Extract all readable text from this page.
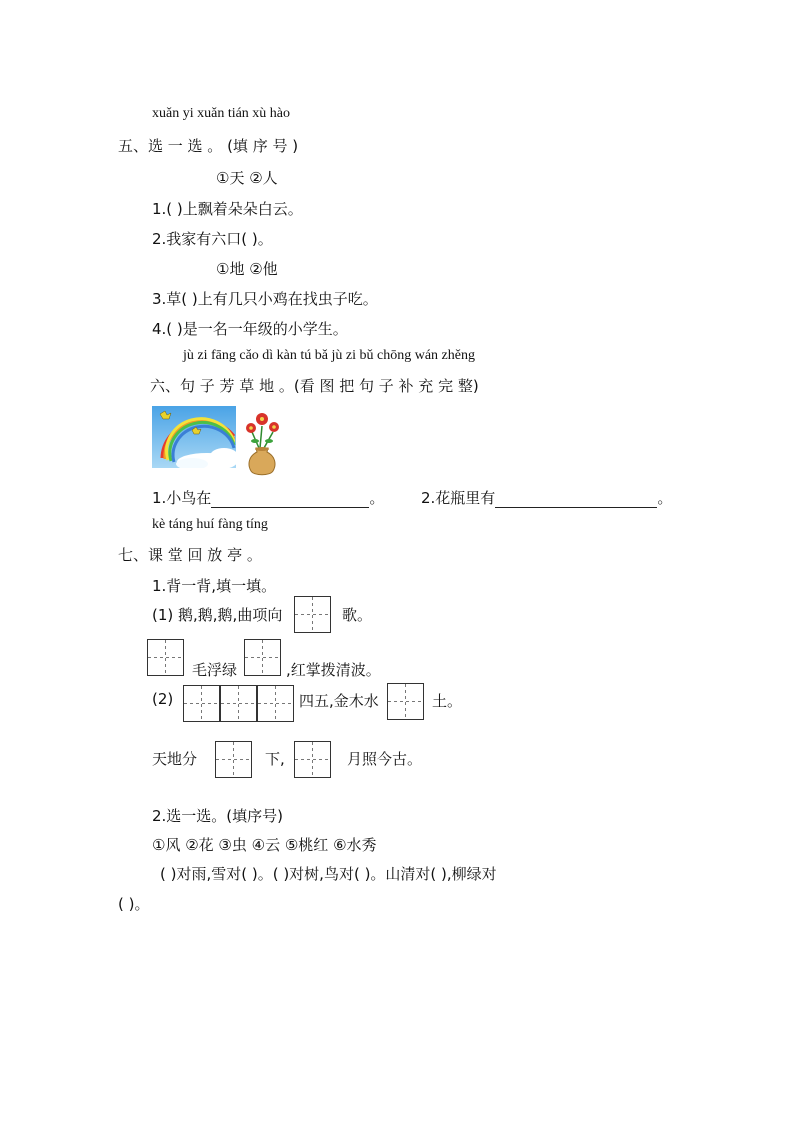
xuǎn yi xuǎn tián xù hào
五、选 一 选 。 (填 序 号 )
①天 ②人
1.( )上飘着朵朵白云。
2.我家有六口( )。
①地 ②他
3.草( )上有几只小鸡在找虫子吃。
4.( )是一名一年级的小学生。
jù zi fāng cǎo dì kàn tú bǎ jù zi bǔ chōng wán zhěng
六、句 子 芳 草 地 。(看 图 把 句 子 补 充 完 整)
1.小鸟在	。 2.花瓶里有	。
kè táng huí fàng tíng
七、课 堂 回 放 亭 。
1.背一背,填一填。
(1) 鹅,鹅,鹅,曲项向	歌。
毛浮绿	,红掌拨清波。
(2)	四五,金木水	土。
天地分	下,	月照今古。
2.选一选。(填序号)
①风 ②花 ③虫 ④云 ⑤桃红 ⑥水秀
( )对雨,雪对( )。( )对树,鸟对( )。山清对( ),柳绿对
( )。
